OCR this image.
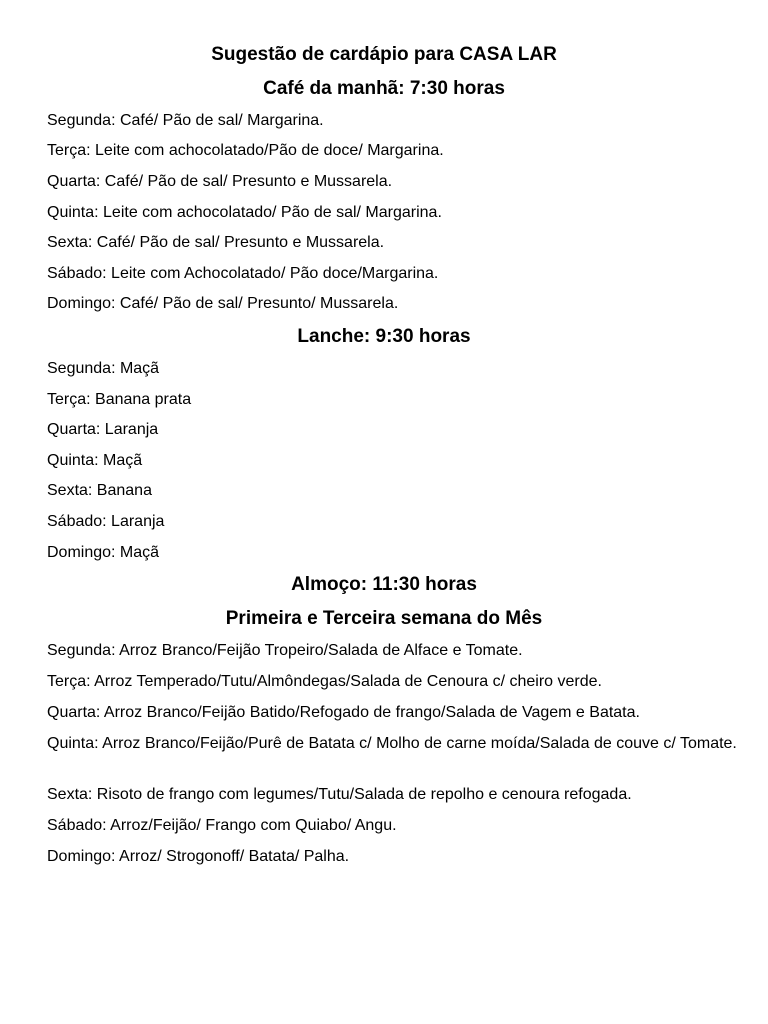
Sugestão de cardápio para CASA LAR
Café da manhã: 7:30 horas
Segunda: Café/ Pão de sal/ Margarina.
Terça: Leite com achocolatado/Pão de doce/ Margarina.
Quarta: Café/ Pão de sal/ Presunto e Mussarela.
Quinta: Leite com achocolatado/ Pão de sal/ Margarina.
Sexta: Café/ Pão de sal/ Presunto e Mussarela.
Sábado: Leite com Achocolatado/ Pão doce/Margarina.
Domingo: Café/ Pão de sal/ Presunto/ Mussarela.
Lanche: 9:30 horas
Segunda: Maçã
Terça: Banana prata
Quarta: Laranja
Quinta: Maçã
Sexta: Banana
Sábado: Laranja
Domingo: Maçã
Almoço: 11:30 horas
Primeira e Terceira semana do Mês
Segunda: Arroz Branco/Feijão Tropeiro/Salada de Alface e Tomate.
Terça: Arroz Temperado/Tutu/Almôndegas/Salada de Cenoura c/ cheiro verde.
Quarta: Arroz Branco/Feijão Batido/Refogado de frango/Salada de Vagem e Batata.
Quinta: Arroz Branco/Feijão/Purê de Batata c/ Molho de carne moída/Salada de couve c/ Tomate.
Sexta: Risoto de frango com legumes/Tutu/Salada de repolho e cenoura refogada.
Sábado: Arroz/Feijão/ Frango com Quiabo/ Angu.
Domingo: Arroz/ Strogonoff/ Batata/ Palha.
